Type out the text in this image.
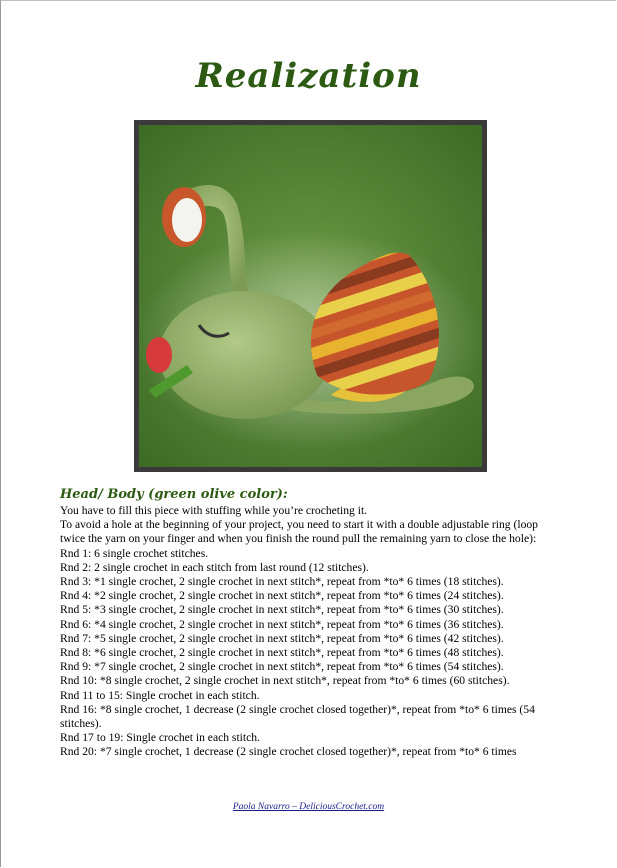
Realization
Head/ Body (green olive color):

You have to fill this piece with stuffing while you’re crocheting it.

To avoid a hole at the beginning of your project, you need to start it with a double adjustable ring (loop twice the yarn on your finger and when you finish the round pull the remaining yarn to close the hole):

Rnd 1: 6 single crochet stitches.

Rnd 2: 2 single crochet in each stitch from last round (12 stitches).

Rnd 3: *1 single crochet, 2 single crochet in next stitch*, repeat from *to* 6 times (18 stitches).

Rnd 4: *2 single crochet, 2 single crochet in next stitch*, repeat from *to* 6 times (24 stitches).

Rnd 5: *3 single crochet, 2 single crochet in next stitch*, repeat from *to* 6 times (30 stitches).

Rnd 6: *4 single crochet, 2 single crochet in next stitch*, repeat from *to* 6 times (36 stitches).

Rnd 7: *5 single crochet, 2 single crochet in next stitch*, repeat from *to* 6 times (42 stitches).

Rnd 8: *6 single crochet, 2 single crochet in next stitch*, repeat from *to* 6 times (48 stitches).

Rnd 9: *7 single crochet, 2 single crochet in next stitch*, repeat from *to* 6 times (54 stitches).

Rnd 10: *8 single crochet, 2 single crochet in next stitch*, repeat from *to* 6 times (60 stitches).

Rnd 11 to 15: Single crochet in each stitch.

Rnd 16: *8 single crochet, 1 decrease (2 single crochet closed together)*, repeat from *to* 6 times (54 stitches).

Rnd 17 to 19: Single crochet in each stitch.

Rnd 20: *7 single crochet, 1 decrease (2 single crochet closed together)*, repeat from *to* 6 times

Paola Navarro – DeliciousCrochet.com
